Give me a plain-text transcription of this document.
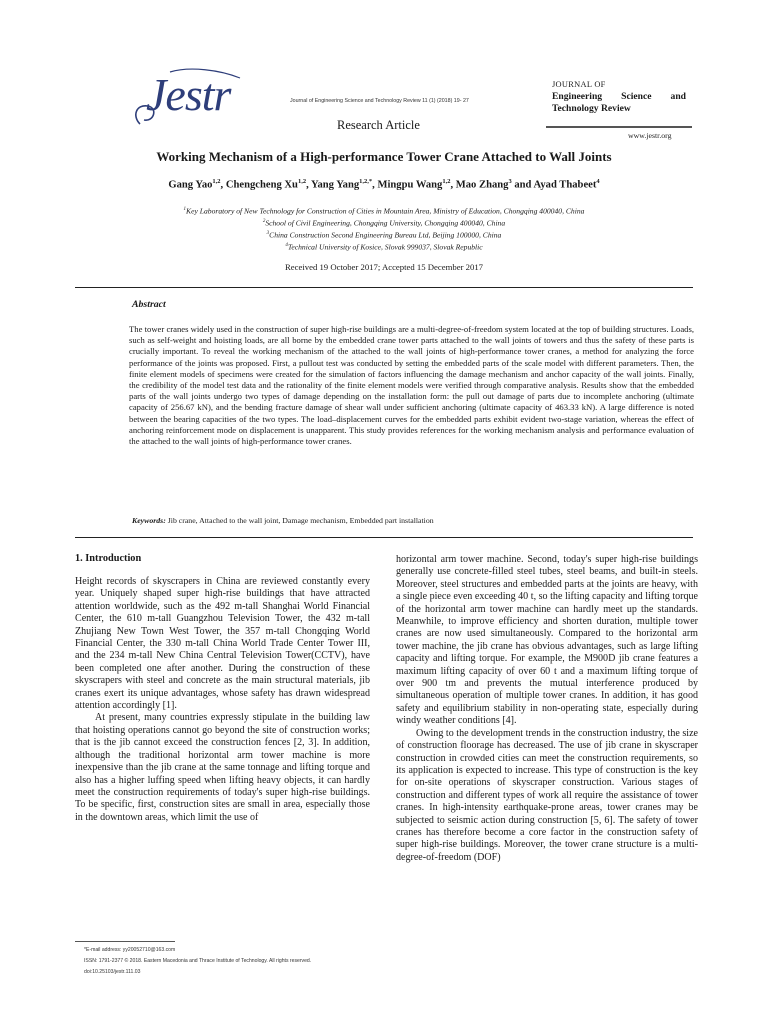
Jestr	Journal of Engineering Science and Technology Review 11 (1) (2018) 19- 27
Research Article
JOURNAL OF
Engineering Science and Technology Review
www.jestr.org
Working Mechanism of a High-performance Tower Crane Attached to Wall Joints
Gang Yao$^{1,2}$, Chengcheng Xu$^{1,2}$, Yang Yang$^{1,2,*}$, Mingpu Wang$^{1,2}$, Mao Zhang$^3$ and Ayad Thabeet$^4$
$^1$Key Laboratory of New Technology for Construction of Cities in Mountain Area, Ministry of Education, Chongqing 400040, China
$^2$School of Civil Engineering, Chongqing University, Chongqing 400040, China
$^3$China Construction Second Engineering Bureau Ltd, Beijing 100000, China
$^4$Technical University of Kosice, Slovak 999037, Slovak Republic
Received 19 October 2017; Accepted 15 December 2017
Abstract
The tower cranes widely used in the construction of super high-rise buildings are a multi-degree-of-freedom system located at the top of building structures. Loads, such as self-weight and hoisting loads, are all borne by the embedded crane tower parts attached to the wall joints of towers and thus the safety of these parts is crucially important. To reveal the working mechanism of the attached to the wall joints of high-performance tower cranes, a method for analyzing the force performance of the joints was proposed. First, a pullout test was conducted by setting the embedded parts of the scale model with different parameters. Then, the finite element models of specimens were created for the simulation of factors influencing the damage mechanism and anchor capacity of the wall joints. Finally, the credibility of the model test data and the rationality of the finite element models were verified through comparative analysis. Results show that the embedded parts of the wall joints undergo two types of damage depending on the installation form: the pull out damage of parts due to incomplete anchoring (ultimate capacity of 256.67 kN), and the bending fracture damage of shear wall under sufficient anchoring (ultimate capacity of 463.33 kN). A large difference is noted between the bearing capacities of the two types. The load–displacement curves for the embedded parts exhibit evident two-stage variation, whereas the effect of anchoring reinforcement mode on displacement is unapparent. This study provides references for the working mechanism analysis and performance evaluation of the attached to the wall joints of high-performance tower cranes.
Keywords: Jib crane, Attached to the wall joint, Damage mechanism, Embedded part installation
1. Introduction

Height records of skyscrapers in China are reviewed constantly every year. Uniquely shaped super high-rise buildings that have attracted attention worldwide, such as the 492 m-tall Shanghai World Financial Center, the 610 m-tall Guangzhou Television Tower, the 432 m-tall Zhujiang New Town West Tower, the 357 m-tall Chongqing World Financial Center, the 330 m-tall China World Trade Center Tower III, and the 234 m-tall New China Central Television Tower(CCTV), have been completed one after another. During the construction of these skyscrapers with steel and concrete as the main structural materials, jib cranes exert its unique advantages, whose safety has drawn widespread attention accordingly [1].

At present, many countries expressly stipulate in the building law that hoisting operations cannot go beyond the site of construction works; that is the jib cannot exceed the construction fences [2, 3]. In addition, although the traditional horizontal arm tower machine is more inexpensive than the jib crane at the same tonnage and lifting torque and also has a higher luffing speed when lifting heavy objects, it can hardly meet the construction requirements of today's super high-rise buildings. To be specific, first, construction sites are small in area, especially those in the downtown areas, which limit the use of

horizontal arm tower machine. Second, today's super high-rise buildings generally use concrete-filled steel tubes, steel beams, and built-in steels. Moreover, steel structures and embedded parts at the joints are heavy, with a single piece even exceeding 40 t, so the lifting capacity and lifting torque of the horizontal arm tower machine can hardly meet up the standards. Meanwhile, to improve efficiency and shorten duration, multiple tower cranes are now used simultaneously. Compared to the horizontal arm tower machine, the jib crane has obvious advantages, such as large lifting capacity and lifting torque. For example, the M900D jib crane features a maximum lifting capacity of over 60 t and a maximum lifting torque of over 900 tm and prevents the mutual interference produced by simultaneous operation of multiple tower cranes. In addition, it has good safety and equilibrium stability in non-operating state, especially during windy weather conditions [4].

Owing to the development trends in the construction industry, the size of construction floorage has decreased. The use of jib crane in skyscraper construction in crowded cities can meet the construction requirements, so its application is expected to increase. This type of construction is the key for on-site operations of skyscraper construction. Various stages of construction and different types of work all require the assistance of tower cranes. In high-intensity earthquake-prone areas, tower cranes may be subjected to seismic action during construction [5, 6]. The safety of tower cranes has therefore become a core factor in the construction safety of super high-rise buildings. Moreover, the tower crane structure is a multi-degree-of-freedom (DOF)

*E-mail address: yy20052710@163.com
ISSN: 1791-2377 © 2018. Eastern Macedonia and Thrace Institute of Technology. All rights reserved.
doi:10.25103/jestr.111.03
